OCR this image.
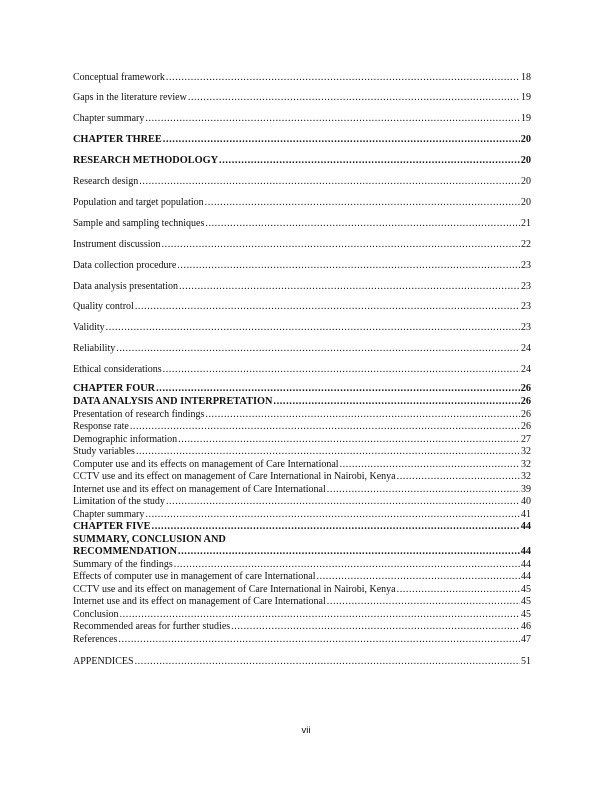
Conceptual framework .....	18
Gaps in the literature review .....	19
Chapter summary .....	19
CHAPTER THREE .....	20
RESEARCH METHODOLOGY .....	20
Research design .....	20
Population and target population .....	20
Sample and sampling techniques .....	21
Instrument discussion .....	22
Data collection procedure .....	23
Data analysis presentation .....	23
Quality control .....	23
Validity .....	23
Reliability .....	24
Ethical considerations .....	24
CHAPTER FOUR .....	26
DATA ANALYSIS AND INTERPRETATION .....	26
Presentation of research findings .....	26
Response rate .....	26
Demographic information .....	27
Study variables .....	32
Computer use and its effects on management of Care International .....	32
CCTV use and its effect on management of Care International in Nairobi, Kenya .....	32
Internet use and its effect on management of Care International .....	39
Limitation of the study .....	40
Chapter summary .....	41
CHAPTER FIVE .....	44
SUMMARY, CONCLUSION AND
RECOMMENDATION .....	44
Summary of the findings .....	44
Effects of computer use in management of care International .....	44
CCTV use and its effect on management of Care International in Nairobi, Kenya .....	45
Internet use and its effect on management of Care International .....	45
Conclusion .....	45
Recommended areas for further studies .....	46
References .....	47
APPENDICES .....	51
vii
